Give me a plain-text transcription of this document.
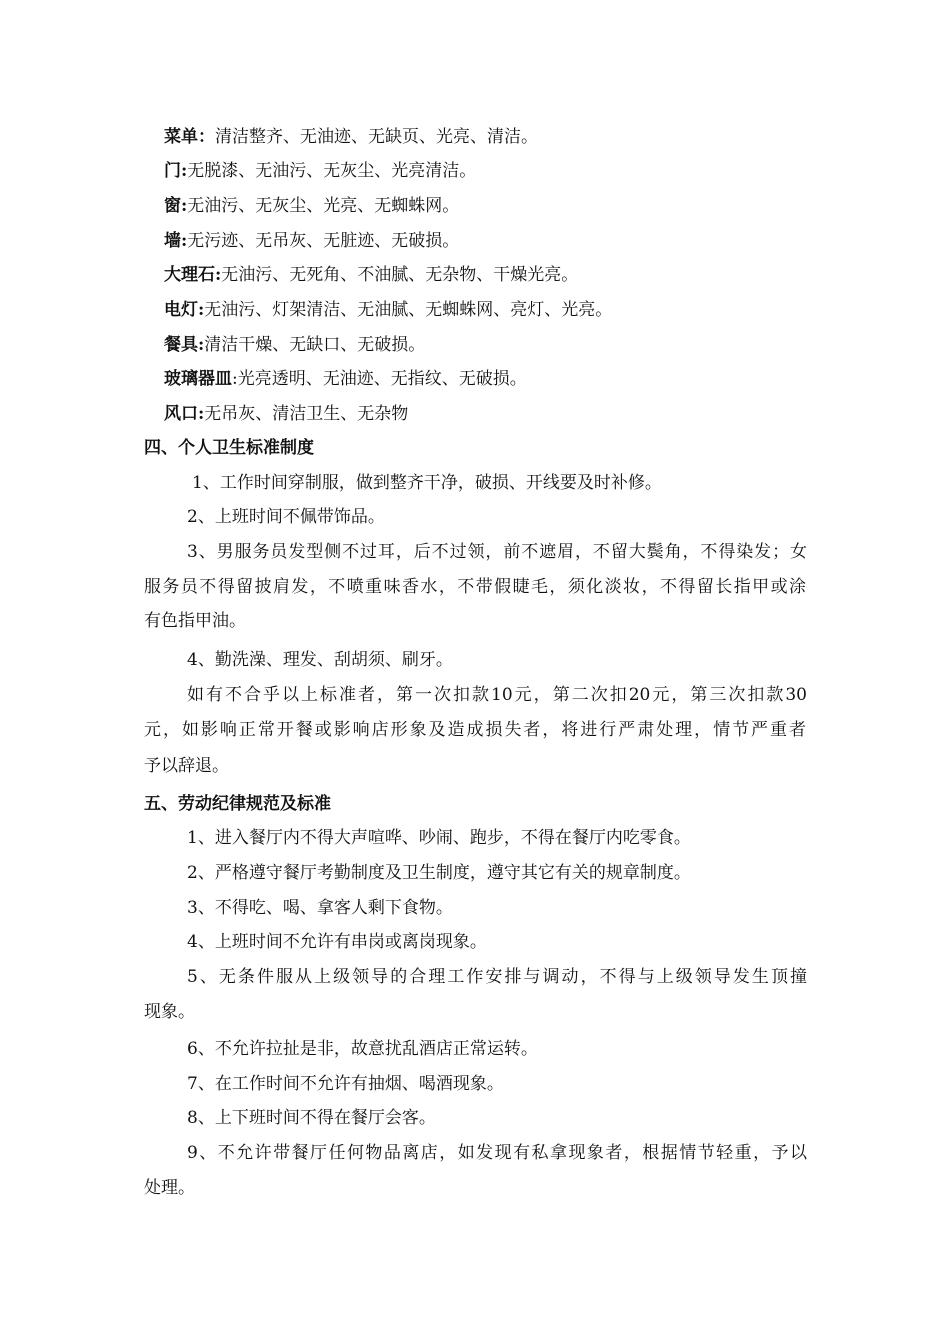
菜单：清洁整齐、无油迹、无缺页、光亮、清洁。
门:无脱漆、无油污、无灰尘、光亮清洁。
窗:无油污、无灰尘、光亮、无蜘蛛网。
墙:无污迹、无吊灰、无脏迹、无破损。
大理石:无油污、无死角、不油腻、无杂物、干燥光亮。
电灯:无油污、灯架清洁、无油腻、无蜘蛛网、亮灯、光亮。
餐具:清洁干燥、无缺口、无破损。
玻璃器皿:光亮透明、无油迹、无指纹、无破损。
风口:无吊灰、清洁卫生、无杂物
四、个人卫生标准制度
1、工作时间穿制服，做到整齐干净，破损、开线要及时补修。
2、上班时间不佩带饰品。
3、男服务员发型侧不过耳，后不过领，前不遮眉，不留大鬓角，不得染发；女
服务员不得留披肩发，不喷重味香水，不带假睫毛，须化淡妆，不得留长指甲或涂
有色指甲油。
4、勤洗澡、理发、刮胡须、刷牙。
如有不合乎以上标准者，第一次扣款10元，第二次扣20元，第三次扣款30
元，如影响正常开餐或影响店形象及造成损失者，将进行严肃处理，情节严重者
予以辞退。
五、劳动纪律规范及标准
1、进入餐厅内不得大声喧哗、吵闹、跑步，不得在餐厅内吃零食。
2、严格遵守餐厅考勤制度及卫生制度，遵守其它有关的规章制度。
3、不得吃、喝、拿客人剩下食物。
4、上班时间不允许有串岗或离岗现象。
5、无条件服从上级领导的合理工作安排与调动，不得与上级领导发生顶撞
现象。
6、不允许拉扯是非，故意扰乱酒店正常运转。
7、在工作时间不允许有抽烟、喝酒现象。
8、上下班时间不得在餐厅会客。
9、不允许带餐厅任何物品离店，如发现有私拿现象者，根据情节轻重，予以
处理。
